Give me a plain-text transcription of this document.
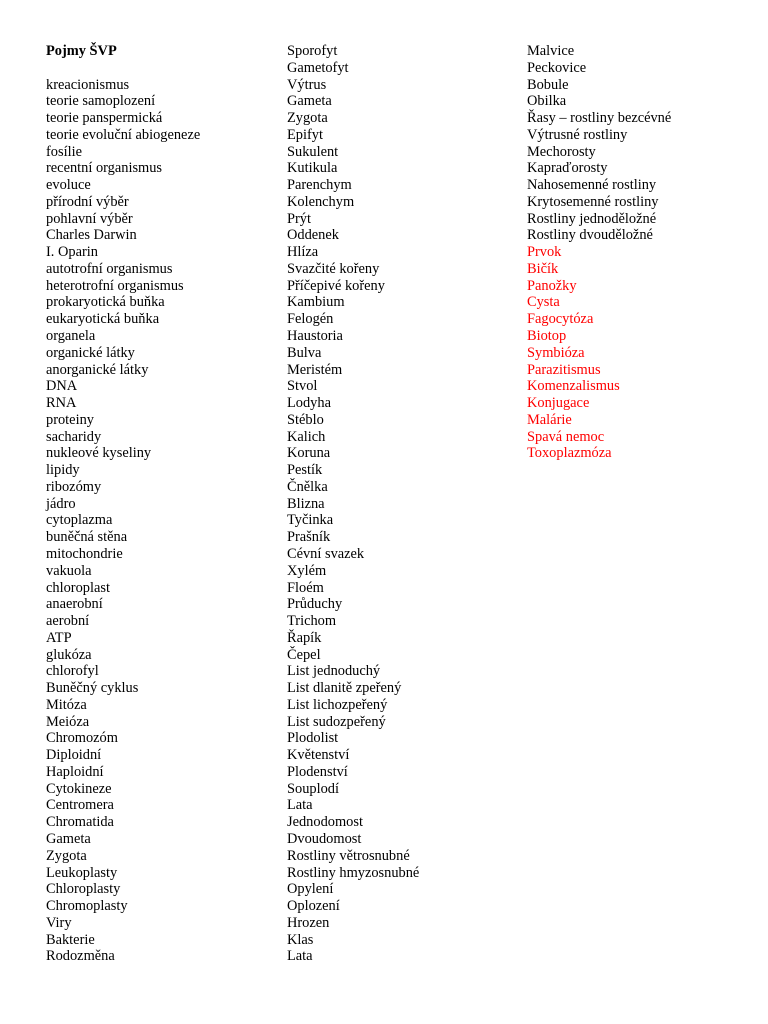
Pojmy ŠVP
kreacionismus
teorie samoplození
teorie panspermická
teorie evoluční abiogeneze
fosílie
recentní organismus
evoluce
přírodní výběr
pohlavní výběr
Charles Darwin
I. Oparin
autotrofní organismus
heterotrofní organismus
prokaryotická buňka
eukaryotická buňka
organela
organické látky
anorganické látky
DNA
RNA
proteiny
sacharidy
nukleové kyseliny
lipidy
ribozómy
jádro
cytoplazma
buněčná stěna
mitochondrie
vakuola
chloroplast
anaerobní
aerobní
ATP
glukóza
chlorofyl
Buněčný cyklus
Mitóza
Meióza
Chromozóm
Diploidní
Haploidní
Cytokineze
Centromera
Chromatida
Gameta
Zygota
Leukoplasty
Chloroplasty
Chromoplasty
Viry
Bakterie
Rodozměna
Sporofyt
Gametofyt
Výtrus
Gameta
Zygota
Epifyt
Sukulent
Kutikula
Parenchym
Kolenchym
Prýt
Oddenek
Hlíza
Svazčité kořeny
Příčepivé kořeny
Kambium
Felogén
Haustoria
Bulva
Meristém
Stvol
Lodyha
Stéblo
Kalich
Koruna
Pestík
Čnělka
Blizna
Tyčinka
Prašník
Cévní svazek
Xylém
Floém
Průduchy
Trichom
Řapík
Čepel
List jednoduchý
List dlanitě zpeřený
List lichozpeřený
List sudozpeřený
Plodolist
Květenství
Plodenství
Souplodí
Lata
Jednodomost
Dvoudomost
Rostliny větrosnubné
Rostliny hmyzosnubné
Opylení
Oplození
Hrozen
Klas
Lata
Malvice
Peckovice
Bobule
Obilka
Řasy – rostliny bezcévné
Výtrusné rostliny
Mechorosty
Kapraďorosty
Nahosemenné rostliny
Krytosemenné rostliny
Rostliny jednoděložné
Rostliny dvouděložné
Prvok
Bičík
Panožky
Cysta
Fagocytóza
Biotop
Symbióza
Parazitismus
Komenzalismus
Konjugace
Malárie
Spavá nemoc
Toxoplazmóza
